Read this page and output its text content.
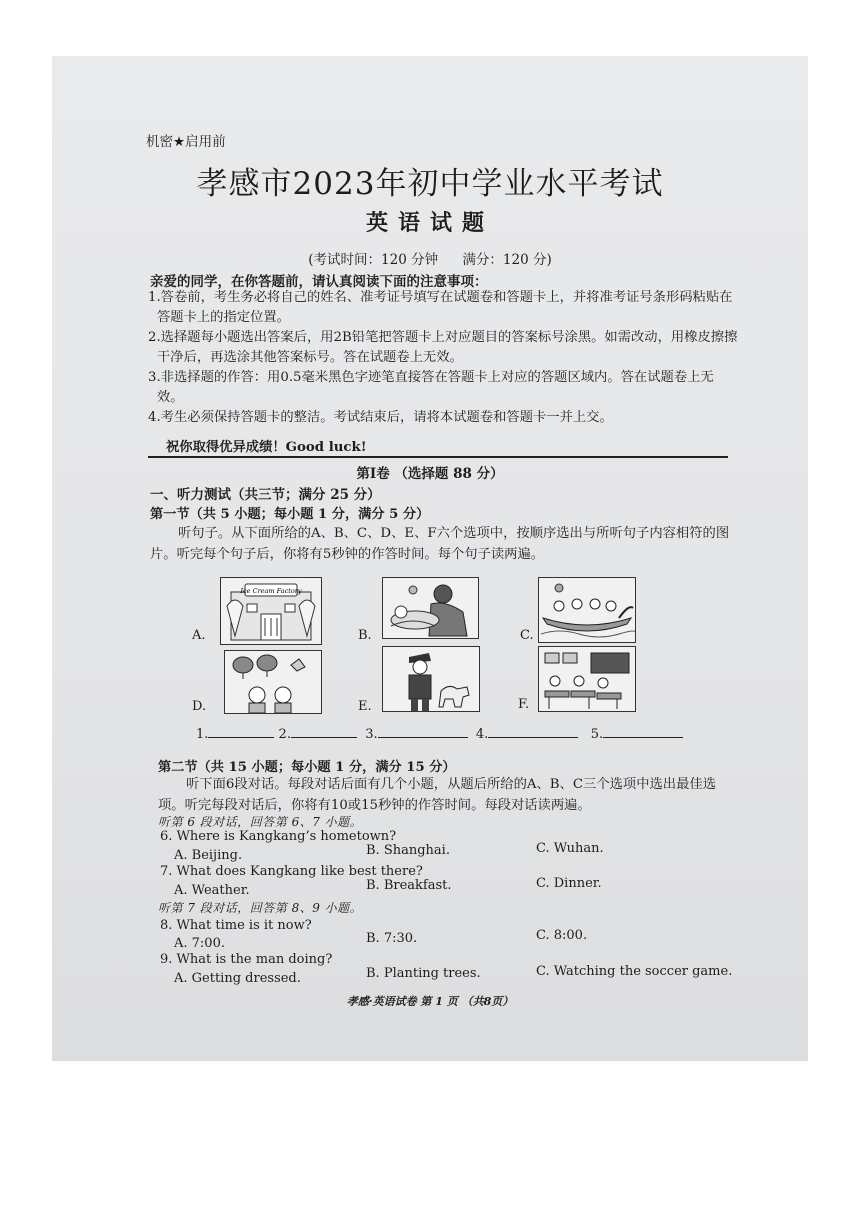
机密★启用前
孝感市2023年初中学业水平考试
英语试题
(考试时间：120 分钟 满分：120 分)
亲爱的同学，在你答题前，请认真阅读下面的注意事项：

1.答卷前，考生务必将自己的姓名、准考证号填写在试题卷和答题卡上，并将准考证号条形码粘贴在答题卡上的指定位置。

2.选择题每小题选出答案后，用2B铅笔把答题卡上对应题目的答案标号涂黑。如需改动，用橡皮擦擦干净后，再选涂其他答案标号。答在试题卷上无效。

3.非选择题的作答：用0.5毫米黑色字迹笔直接答在答题卡上对应的答题区域内。答在试题卷上无效。

4.考生必须保持答题卡的整洁。考试结束后，请将本试题卷和答题卡一并上交。

祝你取得优异成绩！Good luck!
第Ⅰ卷 （选择题 88 分）
一、听力测试（共三节；满分 25 分）
第一节（共 5 小题；每小题 1 分，满分 5 分）
听句子。从下面所给的A、B、C、D、E、F六个选项中，按顺序选出与所听句子内容相符的图片。听完每个句子后，你将有5秒钟的作答时间。每个句子读两遍。
A.
Ice Cream Factory
B.	C.
D.	E.	F.
1.	2.	3.	4.	5.
第二节（共 15 小题；每小题 1 分，满分 15 分）
听下面6段对话。每段对话后面有几个小题，从题后所给的A、B、C三个选项中选出最佳选项。听完每段对话后，你将有10或15秒钟的作答时间。每段对话读两遍。
听第 6 段对话，回答第 6、7 小题。
6. Where is Kangkang’s hometown?
A. Beijing.	B. Shanghai.	C. Wuhan.
7. What does Kangkang like best there?
A. Weather.	B. Breakfast.	C. Dinner.
听第 7 段对话，回答第 8、9 小题。
8. What time is it now?
A. 7:00.	B. 7:30.	C. 8:00.
9. What is the man doing?
A. Getting dressed.	B. Planting trees.	C. Watching the soccer game.
孝感·英语试卷 第 1 页 （共8页）
